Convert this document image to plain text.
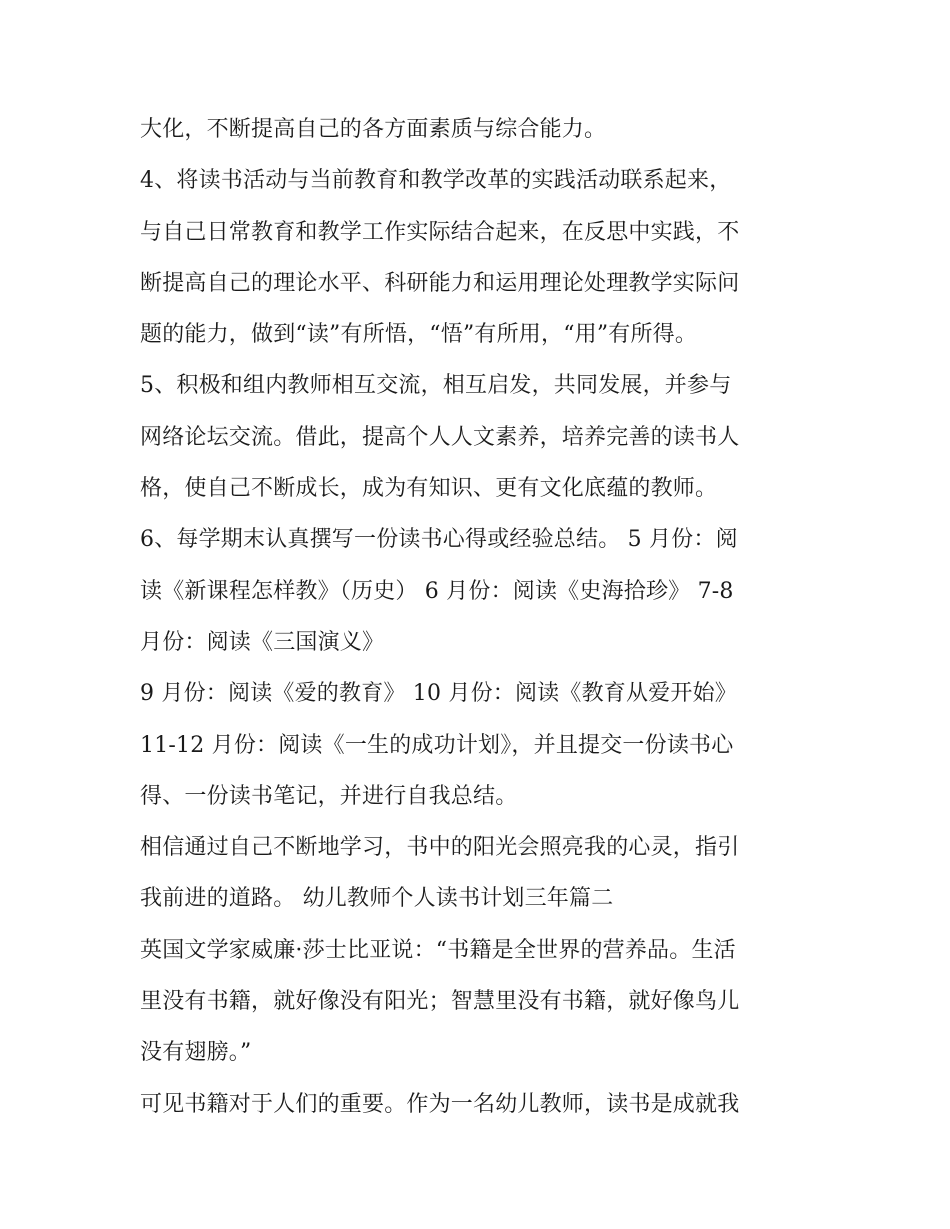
大化，不断提高自己的各方面素质与综合能力。
4、将读书活动与当前教育和教学改革的实践活动联系起来，
与自己日常教育和教学工作实际结合起来，在反思中实践，不
断提高自己的理论水平、科研能力和运用理论处理教学实际问
题的能力，做到“读”有所悟，“悟”有所用，“用”有所得。
5、积极和组内教师相互交流，相互启发，共同发展，并参与
网络论坛交流。借此，提高个人人文素养，培养完善的读书人
格，使自己不断成长，成为有知识、更有文化底蕴的教师。
6、每学期末认真撰写一份读书心得或经验总结。 5 月份：阅
读《新课程怎样教》（历史） 6 月份：阅读《史海拾珍》 7-8
月份：阅读《三国演义》
9 月份：阅读《爱的教育》 10 月份：阅读《教育从爱开始》
11-12 月份：阅读《一生的成功计划》，并且提交一份读书心
得、一份读书笔记，并进行自我总结。
相信通过自己不断地学习，书中的阳光会照亮我的心灵，指引
我前进的道路。 幼儿教师个人读书计划三年篇二
英国文学家威廉·莎士比亚说：“书籍是全世界的营养品。生活
里没有书籍，就好像没有阳光；智慧里没有书籍，就好像鸟儿
没有翅膀。”
可见书籍对于人们的重要。作为一名幼儿教师，读书是成就我
